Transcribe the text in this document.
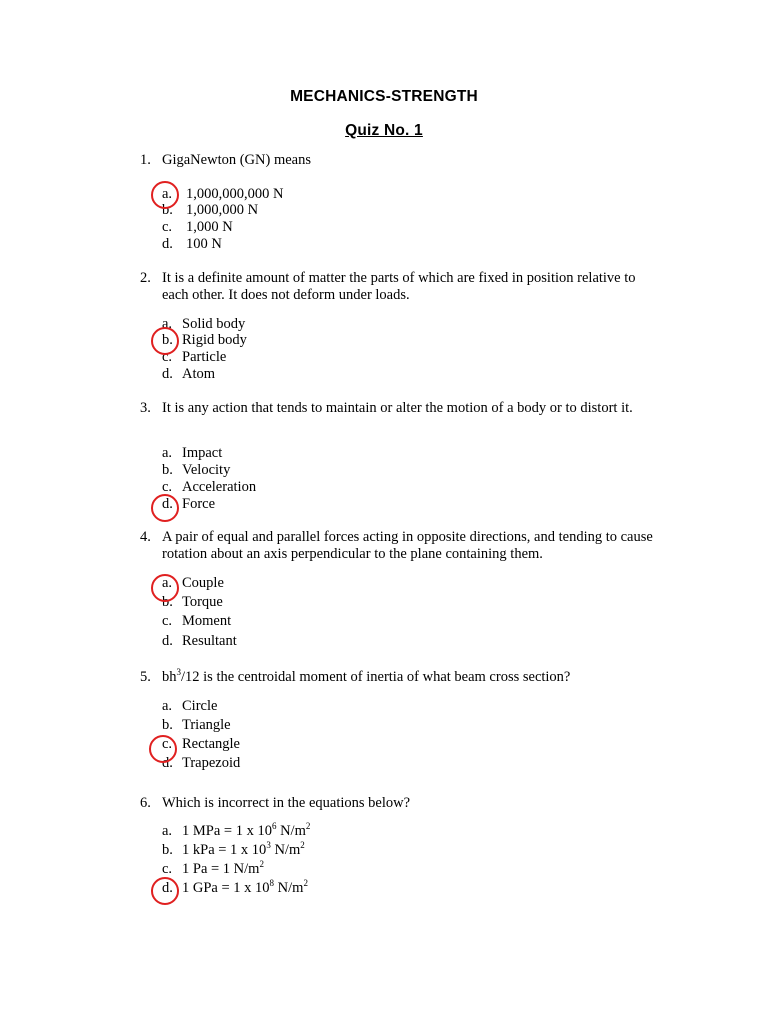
MECHANICS-STRENGTH
Quiz No. 1
1. GigaNewton (GN) means
a. 1,000,000,000 N
b. 1,000,000 N
c. 1,000 N
d. 100 N
2. It is a definite amount of matter the parts of which are fixed in position relative to each other. It does not deform under loads.
a. Solid body
b. Rigid body
c. Particle
d. Atom
3. It is any action that tends to maintain or alter the motion of a body or to distort it.
a. Impact
b. Velocity
c. Acceleration
d. Force
4. A pair of equal and parallel forces acting in opposite directions, and tending to cause rotation about an axis perpendicular to the plane containing them.
a. Couple
b. Torque
c. Moment
d. Resultant
5. $bh^3/12$ is the centroidal moment of inertia of what beam cross section?
a. Circle
b. Triangle
c. Rectangle
d. Trapezoid
6. Which is incorrect in the equations below?
a. 1 MPa = 1 x $10^6$ $N/m^2$
b. 1 kPa = 1 x $10^3$ $N/m^2$
c. 1 Pa = 1 $N/m^2$
d. 1 GPa = 1 x $10^8$ $N/m^2$
